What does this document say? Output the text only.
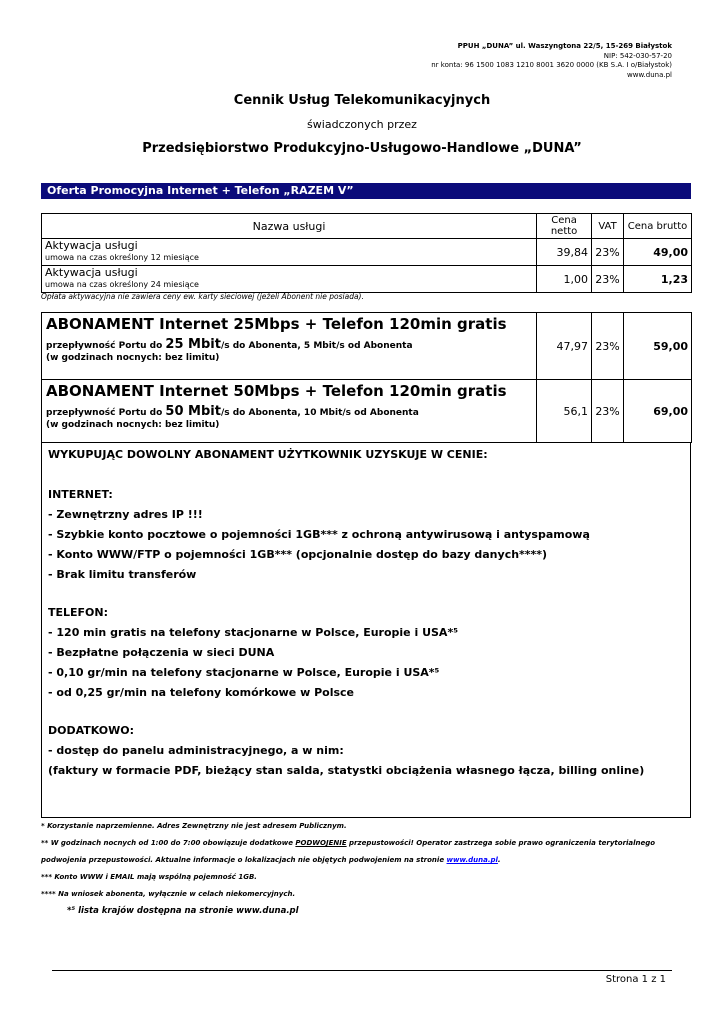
PPUH „DUNA” ul. Waszyngtona 22/5, 15-269 Białystok
NIP: 542-030-57-20
nr konta: 96 1500 1083 1210 8001 3620 0000 (KB S.A. I o/Białystok)
www.duna.pl
Cennik Usług Telekomunikacyjnych
świadczonych przez
Przedsiębiorstwo Produkcyjno-Usługowo-Handlowe „DUNA”
Oferta Promocyjna Internet + Telefon „RAZEM V”
Nazwa usługi	Cena netto	VAT	Cena brutto

Aktywacja usługi
umowa na czas określony 12 miesiące	39,84	23%	49,00

Aktywacja usługi
umowa na czas określony 24 miesiące	1,00	23%	1,23
Opłata aktywacyjna nie zawiera ceny ew. karty sieciowej (jeżeli Abonent nie posiada).
ABONAMENT Internet 25Mbps + Telefon 120min gratis
przepływność Portu do 25 Mbit/s do Abonenta, 5 Mbit/s od Abonenta
(w godzinach nocnych: bez limitu)	47,97	23%	59,00

ABONAMENT Internet 50Mbps + Telefon 120min gratis
przepływność Portu do 50 Mbit/s do Abonenta, 10 Mbit/s od Abonenta
(w godzinach nocnych: bez limitu)	56,1	23%	69,00
WYKUPUJĄC DOWOLNY ABONAMENT UŻYTKOWNIK UZYSKUJE W CENIE:
INTERNET:
- Zewnętrzny adres IP !!!
- Szybkie konto pocztowe o pojemności 1GB*** z ochroną antywirusową i antyspamową
- Konto WWW/FTP o pojemności 1GB*** (opcjonalnie dostęp do bazy danych****)
- Brak limitu transferów
TELEFON:
- 120 min gratis na telefony stacjonarne w Polsce, Europie i USA*⁵
- Bezpłatne połączenia w sieci DUNA
- 0,10 gr/min na telefony stacjonarne w Polsce, Europie i USA*⁵
- od 0,25 gr/min na telefony komórkowe w Polsce
DODATKOWO:
- dostęp do panelu administracyjnego, a w nim:
(faktury w formacie PDF, bieżący stan salda, statystki obciążenia własnego łącza, billing online)
* Korzystanie naprzemienne. Adres Zewnętrzny nie jest adresem Publicznym.
** W godzinach nocnych od 1:00 do 7:00 obowiązuje dodatkowe PODWOJENIE przepustowości! Operator zastrzega sobie prawo ograniczenia terytorialnego
podwojenia przepustowości. Aktualne informacje o lokalizacjach nie objętych podwojeniem na stronie www.duna.pl.
*** Konto WWW i EMAIL mają wspólną pojemność 1GB.
**** Na wniosek abonenta, wyłącznie w celach niekomercyjnych.
*⁵ lista krajów dostępna na stronie www.duna.pl
Strona 1 z 1
